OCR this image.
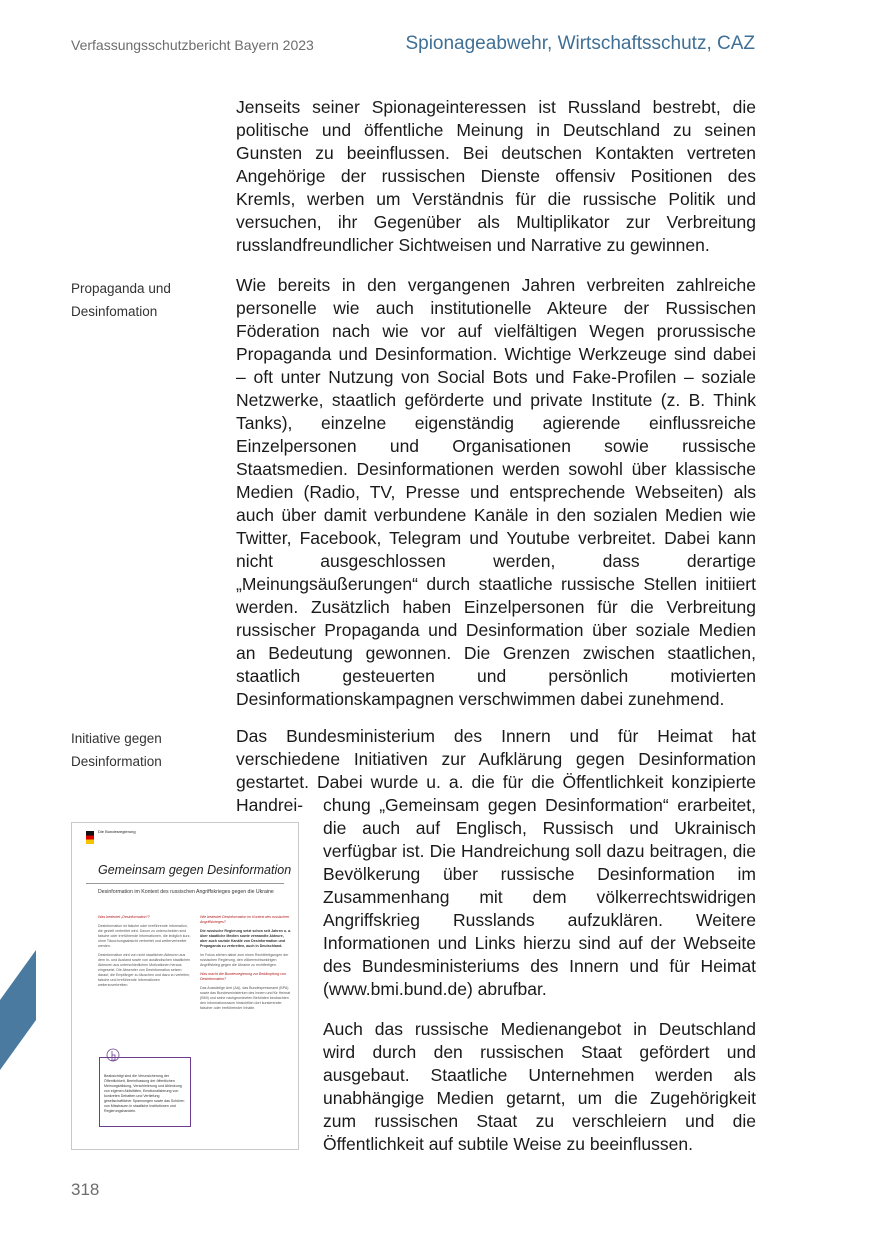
Verfassungsschutzbericht Bayern 2023	Spionageabwehr, Wirtschaftsschutz, CAZ
Jenseits seiner Spionageinteressen ist Russland bestrebt, die politische und öffentliche Meinung in Deutschland zu seinen Gunsten zu beeinflussen. Bei deutschen Kontakten vertreten Angehörige der russischen Dienste offensiv Positionen des Kremls, werben um Verständnis für die russische Politik und versuchen, ihr Gegenüber als Multiplikator zur Verbreitung russlandfreundlicher Sichtweisen und Narrative zu gewinnen.
Propaganda und Desinfomation
Wie bereits in den vergangenen Jahren verbreiten zahlreiche personelle wie auch institutionelle Akteure der Russischen Föderation nach wie vor auf vielfältigen Wegen prorussische Propaganda und Desinformation. Wichtige Werkzeuge sind dabei – oft unter Nutzung von Social Bots und Fake-Profilen – soziale Netzwerke, staatlich geförderte und private Institute (z. B. Think Tanks), einzelne eigenständig agierende einflussreiche Einzelpersonen und Organisationen sowie russische Staatsmedien. Desinformationen werden sowohl über klassische Medien (Radio, TV, Presse und entsprechende Webseiten) als auch über damit verbundene Kanäle in den sozialen Medien wie Twitter, Facebook, Telegram und Youtube verbreitet. Dabei kann nicht ausgeschlossen werden, dass derartige „Meinungsäußerungen“ durch staatliche russische Stellen initiiert werden. Zusätzlich haben Einzelpersonen für die Verbreitung russischer Propaganda und Desinformation über soziale Medien an Bedeutung gewonnen. Die Grenzen zwischen staatlichen, staatlich gesteuerten und persönlich motivierten Desinformationskampagnen verschwimmen dabei zunehmend.
Initiative gegen Desinformation
Das Bundesministerium des Innern und für Heimat hat verschiedene Initiativen zur Aufklärung gegen Desinformation gestartet. Dabei wurde u. a. die für die Öffentlichkeit konzipierte Handrei-	chung „Gemeinsam gegen Desinformation“ erarbeitet, die auch auf Englisch, Russisch und Ukrainisch verfügbar ist. Die Handreichung soll dazu beitragen, die Bevölkerung über russische Desinformation im Zusammenhang mit dem völkerrechtswidrigen Angriffskrieg Russlands aufzuklären. Weitere Informationen und Links hierzu sind auf der Webseite des Bundesministeriums des Innern und für Heimat (www.bmi.bund.de) abrufbar.
Auch das russische Medienangebot in Deutschland wird durch den russischen Staat gefördert und ausgebaut. Staatliche Unternehmen werden als unabhängige Medien getarnt, um die Zugehörigkeit zum russischen Staat zu verschleiern und die Öffentlichkeit auf subtile Weise zu beeinflussen.
Die Bundesregierung
Gemeinsam gegen Desinformation
Desinformation im Kontext des russischen Angriffskrieges gegen die Ukraine
Was bedeutet „Desinformation“?

Desinformation ist falsche oder irreführende Information, die gezielt verbreitet wird. Davon zu unterscheiden sind falsche oder irreführende Informationen, die lediglich kurz, ohne Täuschungsabsicht verbreitet und weiterverbreitet werden.

Desinformation wird von nicht staatlichen Akteuren aus dem In- und Ausland sowie von ausländischen staatlichen Akteuren aus unterschiedlichen Motivationen heraus eingesetzt. Die Absender von Desinformation setzen darauf, die Empfänger zu täuschen und dazu zu verleiten, falsche und irreführende Informationen weiterzuverbreiten.

Wie bedeutet Desinformation im Kontext des russischen Angriffskrieges?

Die russische Regierung setzt schon seit Jahren u. a. über staatliche Medien sowie verwandte Akteure, aber auch soziale Kanäle von Desinformation und Propaganda zu verbreiten, auch in Deutschland.

Im Fokus stehen dabei zum einen Rechtfertigungen der russischen Regierung, den völkerrechtswidrigen Angriffskrieg gegen die Ukraine zu rechtfertigen.

Was macht die Bundesregierung zur Bekämpfung von Desinformation?

Das Auswärtige Amt (AA), das Bundespresseamt (BPA) sowie das Bundesministerium des Innern und für Heimat (BMI) und seine nachgeordneten Behörden beobachten den Informationsraum hinsichtlich dort kursierender falscher oder irreführender Inhalte.

Beabsichtigt sind die Verunsicherung der Öffentlichkeit, Beeinflussung der öffentlichen Meinungsbildung, Verschleierung und Ablenkung von eigenen Aktivitäten, Emotionalisierung von konkreten Debatten und Vertiefung gesellschaftlicher Spannungen sowie das Schüren von Misstrauen in staatliche Institutionen und Regierungshandeln.
318
